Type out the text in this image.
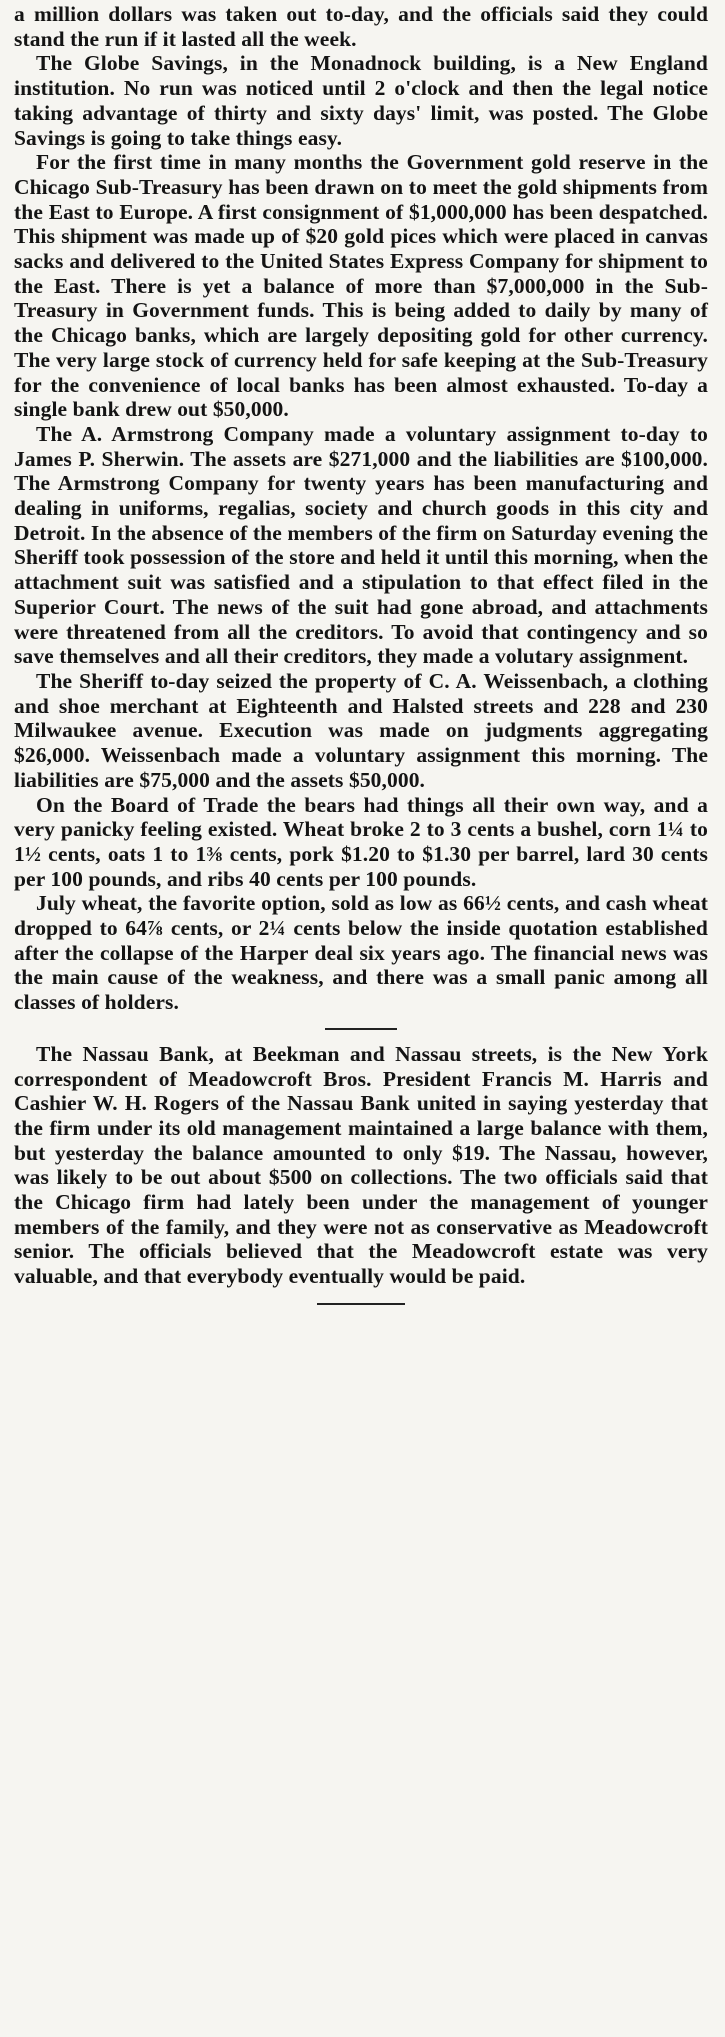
a million dollars was taken out to-day, and the officials said they could stand the run if it lasted all the week.

The Globe Savings, in the Monadnock building, is a New England institution. No run was noticed until 2 o'clock and then the legal notice taking advantage of thirty and sixty days' limit, was posted. The Globe Savings is going to take things easy.

For the first time in many months the Government gold reserve in the Chicago Sub-Treasury has been drawn on to meet the gold shipments from the East to Europe. A first consignment of $1,000,000 has been despatched. This shipment was made up of $20 gold pices which were placed in canvas sacks and delivered to the United States Express Company for shipment to the East. There is yet a balance of more than $7,000,000 in the Sub-Treasury in Government funds. This is being added to daily by many of the Chicago banks, which are largely depositing gold for other currency. The very large stock of currency held for safe keeping at the Sub-Treasury for the convenience of local banks has been almost exhausted. To-day a single bank drew out $50,000.

The A. Armstrong Company made a voluntary assignment to-day to James P. Sherwin. The assets are $271,000 and the liabilities are $100,000. The Armstrong Company for twenty years has been manufacturing and dealing in uniforms, regalias, society and church goods in this city and Detroit. In the absence of the members of the firm on Saturday evening the Sheriff took possession of the store and held it until this morning, when the attachment suit was satisfied and a stipulation to that effect filed in the Superior Court. The news of the suit had gone abroad, and attachments were threatened from all the creditors. To avoid that contingency and so save themselves and all their creditors, they made a volutary assignment.

The Sheriff to-day seized the property of C. A. Weissenbach, a clothing and shoe merchant at Eighteenth and Halsted streets and 228 and 230 Milwaukee avenue. Execution was made on judgments aggregating $26,000. Weissenbach made a voluntary assignment this morning. The liabilities are $75,000 and the assets $50,000.

On the Board of Trade the bears had things all their own way, and a very panicky feeling existed. Wheat broke 2 to 3 cents a bushel, corn 1¼ to 1½ cents, oats 1 to 1⅜ cents, pork $1.20 to $1.30 per barrel, lard 30 cents per 100 pounds, and ribs 40 cents per 100 pounds.

July wheat, the favorite option, sold as low as 66½ cents, and cash wheat dropped to 64⅞ cents, or 2¼ cents below the inside quotation established after the collapse of the Harper deal six years ago. The financial news was the main cause of the weakness, and there was a small panic among all classes of holders.

The Nassau Bank, at Beekman and Nassau streets, is the New York correspondent of Meadowcroft Bros. President Francis M. Harris and Cashier W. H. Rogers of the Nassau Bank united in saying yesterday that the firm under its old management maintained a large balance with them, but yesterday the balance amounted to only $19. The Nassau, however, was likely to be out about $500 on collections. The two officials said that the Chicago firm had lately been under the management of younger members of the family, and they were not as conservative as Meadowcroft senior. The officials believed that the Meadowcroft estate was very valuable, and that everybody eventually would be paid.
